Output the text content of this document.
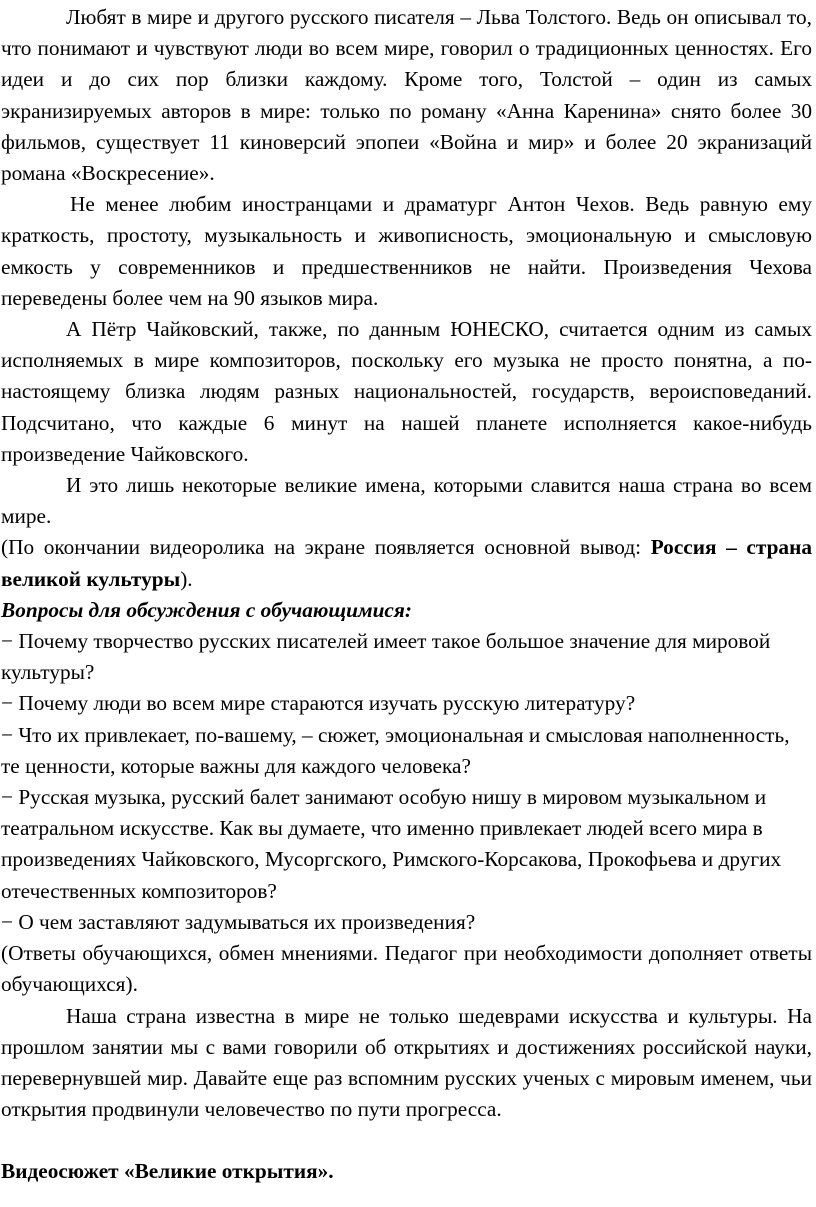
Любят в мире и другого русского писателя – Льва Толстого. Ведь он описывал то, что понимают и чувствуют люди во всем мире, говорил о традиционных ценностях. Его идеи и до сих пор близки каждому. Кроме того, Толстой – один из самых экранизируемых авторов в мире: только по роману «Анна Каренина» снято более 30 фильмов, существует 11 киноверсий эпопеи «Война и мир» и более 20 экранизаций романа «Воскресение».

Не менее любим иностранцами и драматург Антон Чехов. Ведь равную ему краткость, простоту, музыкальность и живописность, эмоциональную и смысловую емкость у современников и предшественников не найти. Произведения Чехова переведены более чем на 90 языков мира.

А Пётр Чайковский, также, по данным ЮНЕСКО, считается одним из самых исполняемых в мире композиторов, поскольку его музыка не просто понятна, а по-настоящему близка людям разных национальностей, государств, вероисповеданий. Подсчитано, что каждые 6 минут на нашей планете исполняется какое-нибудь произведение Чайковского.

И это лишь некоторые великие имена, которыми славится наша страна во всем мире.

(По окончании видеоролика на экране появляется основной вывод: Россия – страна великой культуры).

Вопросы для обсуждения с обучающимися:

− Почему творчество русских писателей имеет такое большое значение для мировой культуры?

− Почему люди во всем мире стараются изучать русскую литературу?

− Что их привлекает, по-вашему, – сюжет, эмоциональная и смысловая наполненность, те ценности, которые важны для каждого человека?

− Русская музыка, русский балет занимают особую нишу в мировом музыкальном и театральном искусстве. Как вы думаете, что именно привлекает людей всего мира в произведениях Чайковского, Мусоргского, Римского-Корсакова, Прокофьева и других отечественных композиторов?

− О чем заставляют задумываться их произведения?

(Ответы обучающихся, обмен мнениями. Педагог при необходимости дополняет ответы обучающихся).

Наша страна известна в мире не только шедеврами искусства и культуры. На прошлом занятии мы с вами говорили об открытиях и достижениях российской науки, перевернувшей мир. Давайте еще раз вспомним русских ученых с мировым именем, чьи открытия продвинули человечество по пути прогресса.

Видеосюжет «Великие открытия».
